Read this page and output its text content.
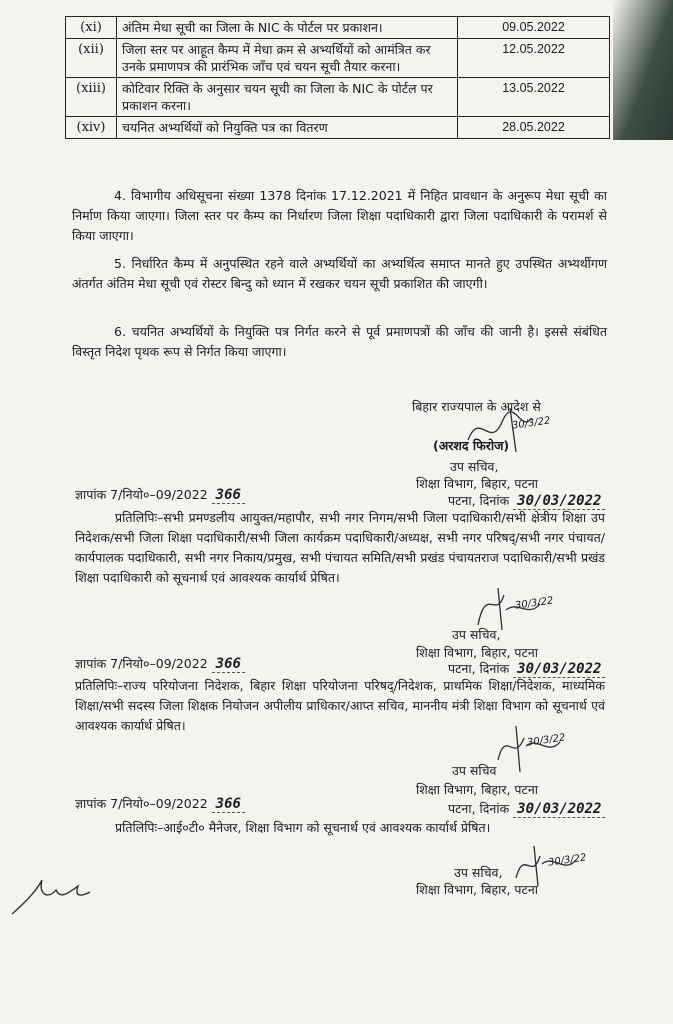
(xi)	अंतिम मेधा सूची का जिला के NIC के पोर्टल पर प्रकाशन।	09.05.2022
(xii)	जिला स्तर पर आहूत कैम्प में मेधा क्रम से अभ्यर्थियों को आमंत्रित कर उनके प्रमाणपत्र की प्रारंभिक जाँच एवं चयन सूची तैयार करना।	12.05.2022
(xiii)	कोटिवार रिक्ति के अनुसार चयन सूची का जिला के NIC के पोर्टल पर प्रकाशन करना।	13.05.2022
(xiv)	चयनित अभ्यर्थियों को नियुक्ति पत्र का वितरण	28.05.2022
4. विभागीय अधिसूचना संख्या 1378 दिनांक 17.12.2021 में निहित प्रावधान के अनुरूप मेधा सूची का निर्माण किया जाएगा। जिला स्तर पर कैम्प का निर्धारण जिला शिक्षा पदाधिकारी द्वारा जिला पदाधिकारी के परामर्श से किया जाएगा।
5. निर्धारित कैम्प में अनुपस्थित रहने वाले अभ्यर्थियों का अभ्यर्थित्व समाप्त मानते हुए उपस्थित अभ्यर्थीगण अंतर्गत अंतिम मेधा सूची एवं रोस्टर बिन्दु को ध्यान में रखकर चयन सूची प्रकाशित की जाएगी।
6. चयनित अभ्यर्थियों के नियुक्ति पत्र निर्गत करने से पूर्व प्रमाणपत्रों की जाँच की जानी है। इससे संबंधित विस्तृत निदेश पृथक रूप से निर्गत किया जाएगा।
बिहार राज्यपाल के आदेश से
30/3/22
(अरशद फिरोज)
उप सचिव,
शिक्षा विभाग, बिहार, पटना
ज्ञापांक 7/नियो०–09/2022 366	पटना, दिनांक 30/03/2022
प्रतिलिपिः–सभी प्रमण्डलीय आयुक्त/महापौर, सभी नगर निगम/सभी जिला पदाधिकारी/सभी क्षेत्रीय शिक्षा उप निदेशक/सभी जिला शिक्षा पदाधिकारी/सभी जिला कार्यक्रम पदाधिकारी/अध्यक्ष, सभी नगर परिषद्/सभी नगर पंचायत/कार्यपालक पदाधिकारी, सभी नगर निकाय/प्रमुख, सभी पंचायत समिति/सभी प्रखंड पंचायतराज पदाधिकारी/सभी प्रखंड शिक्षा पदाधिकारी को सूचनार्थ एवं आवश्यक कार्यार्थ प्रेषित।
30/3/22
उप सचिव,
शिक्षा विभाग, बिहार, पटना
ज्ञापांक 7/नियो०–09/2022 366	पटना, दिनांक 30/03/2022
प्रतिलिपिः–राज्य परियोजना निदेशक, बिहार शिक्षा परियोजना परिषद्/निदेशक, प्राथमिक शिक्षा/निदेशक, माध्यमिक शिक्षा/सभी सदस्य जिला शिक्षक नियोजन अपीलीय प्राधिकार/आप्त सचिव, माननीय मंत्री शिक्षा विभाग को सूचनार्थ एवं आवश्यक कार्यार्थ प्रेषित।
30/3/22
उप सचिव
शिक्षा विभाग, बिहार, पटना
ज्ञापांक 7/नियो०–09/2022 366	पटना, दिनांक 30/03/2022
प्रतिलिपिः–आई०टी० मैनेजर, शिक्षा विभाग को सूचनार्थ एवं आवश्यक कार्यार्थ प्रेषित।
30/3/22
उप सचिव,
शिक्षा विभाग, बिहार, पटना
